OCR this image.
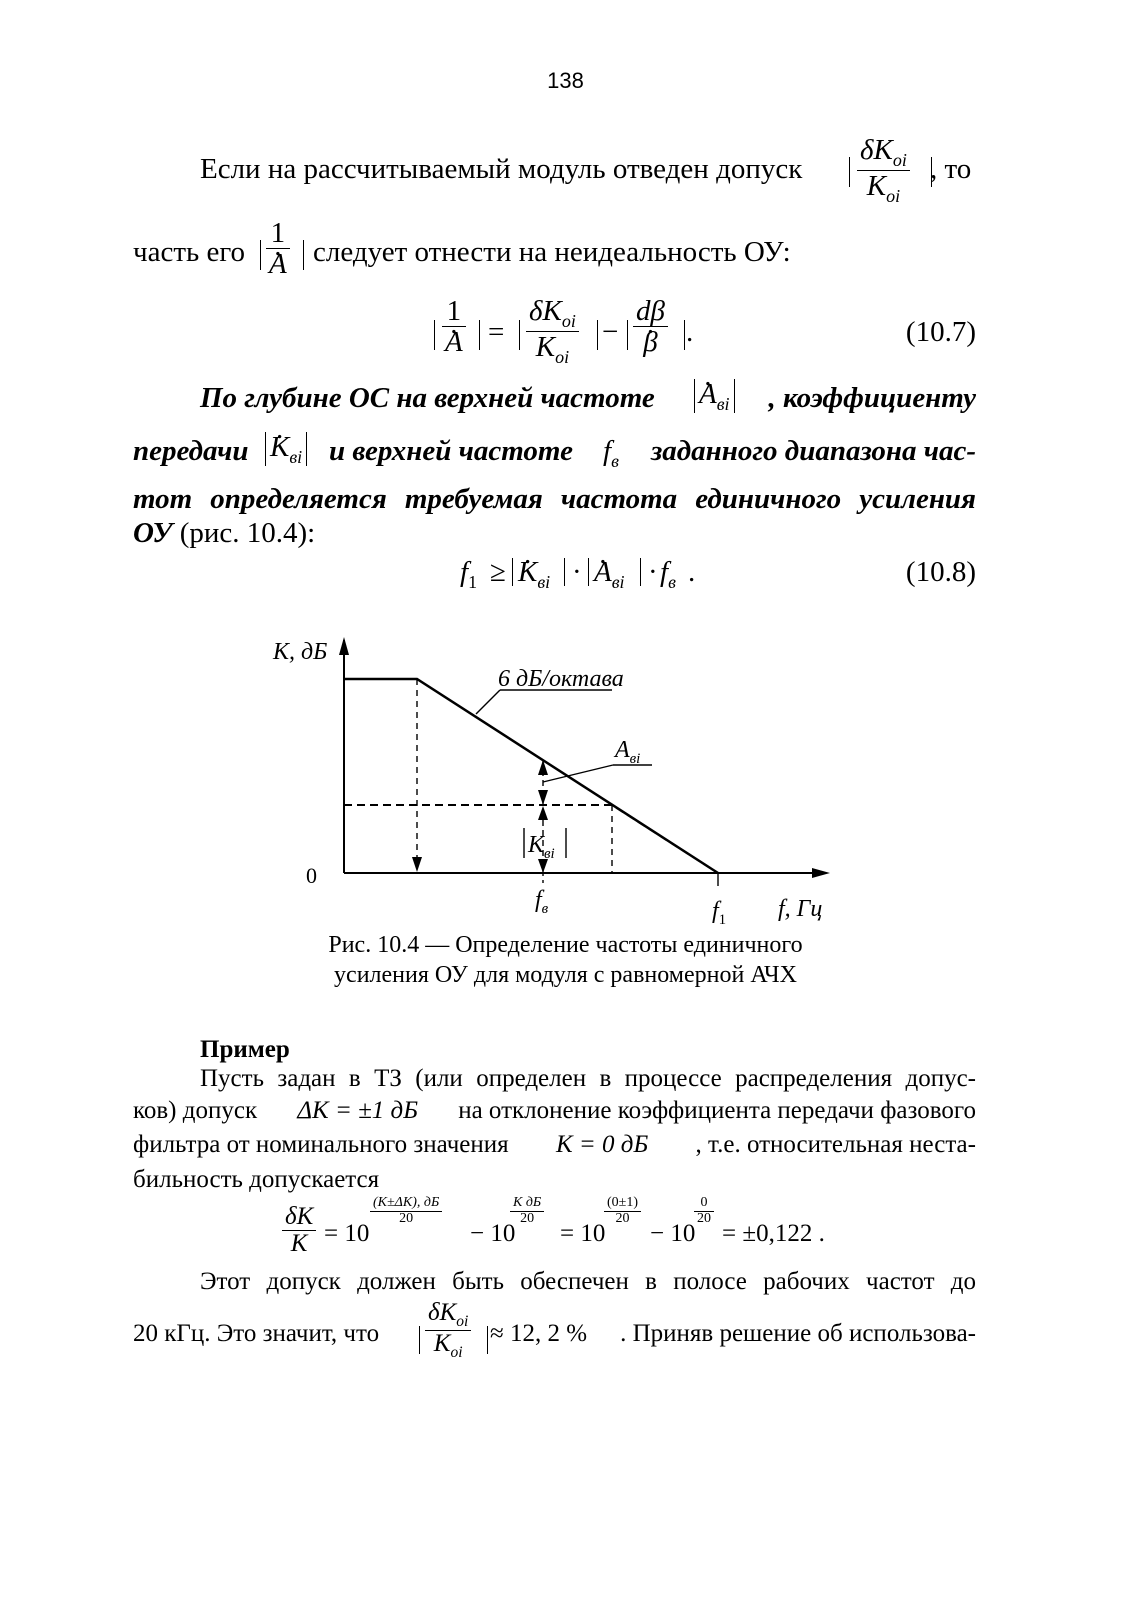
138
Если на рассчитываемый модуль отведен допуск
$\delta K_{oi}$
$K_{oi}$
, то
часть его 1
. A следует отнести на неидеальность ОУ:
1
. A =
$\delta K_{oi}$
$K_{oi}$
− dβ
. β .	(10.7)
По глубине ОС на верхней частоте	. $A_{вi}$	, коэффициенту
передачи . $K_{вi}$ и верхней частоте $f_в$ заданного диапазона час-
тот определяется требуемая частота единичного усиления
ОУ (рис. 10.4):
$f_1$ ≥ . $K_{вi}$ · . $A_{вi} \cdot f_в$ .	(10.8)
K, дБ
0
6 дБ/октава
$A_{вi}$
$K_{вi}$
$f_в$	$f_1$ f, Гц
Рис. 10.4 — Определение частоты единичного
усиления ОУ для модуля с равномерной АЧХ
Пример
Пусть задан в ТЗ (или определен в процессе распределения допус-
ков) допуск ΔK = ±1 дБ на отклонение коэффициента передачи фазового
фильтра от номинального значения K = 0 дБ , т.е. относительная неста-
бильность допускается
$\frac{\delta K}{K} = 10$
(K±ΔK), дБ
20
− 10
K дБ
20
= 10
$\frac{(0\pm 1)}{20}$
− 10
$\frac{0}{20}$
= ±0,122 .
Этот допуск должен быть обеспечен в полосе рабочих частот до
20 кГц. Это значит, что
$\delta K_{oi}$
$K_{oi}$
≈ 12, 2 % . Приняв решение об использова-
